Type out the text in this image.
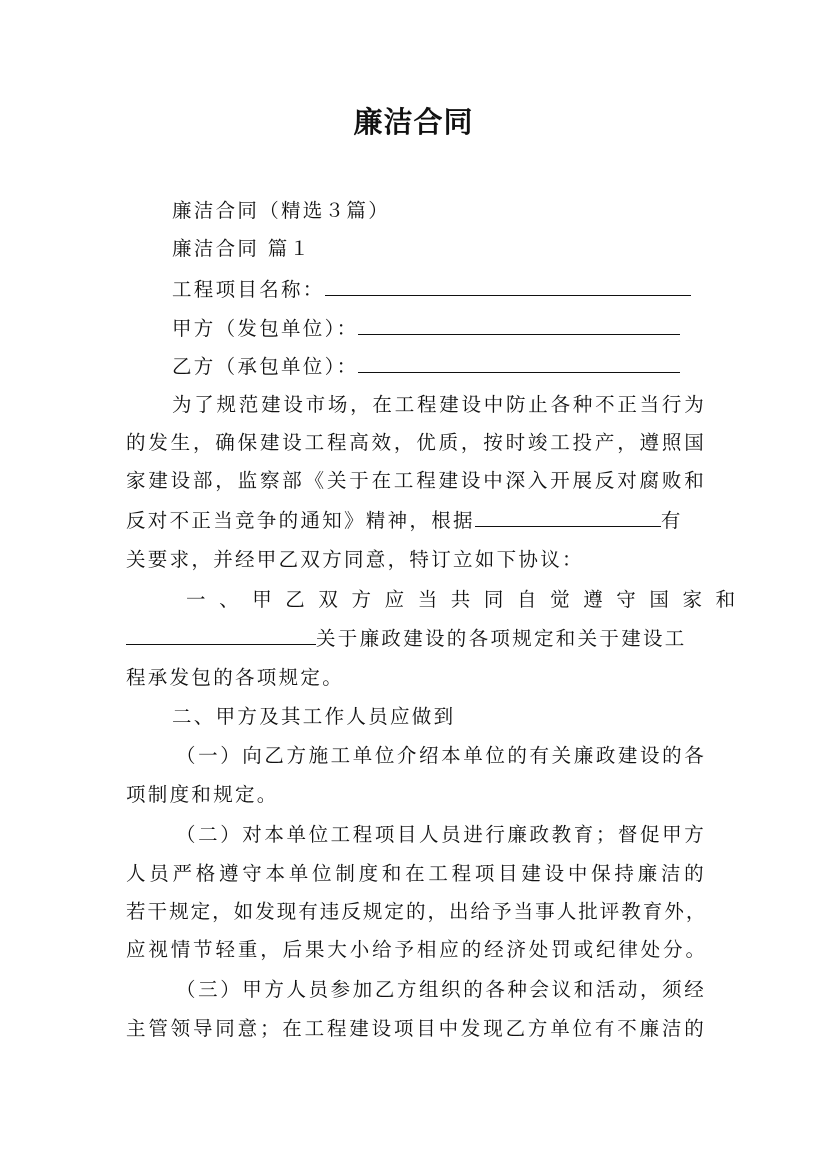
廉洁合同
廉洁合同（精选３篇）
廉洁合同 篇１
工程项目名称：
甲方（发包单位）：
乙方（承包单位）：
为了规范建设市场，在工程建设中防止各种不正当行为
的发生，确保建设工程高效，优质，按时竣工投产，遵照国
家建设部，监察部《关于在工程建设中深入开展反对腐败和
反对不正当竞争的通知》精神，根据	有
关要求，并经甲乙双方同意，特订立如下协议：
一、甲乙双方应当共同自觉遵守国家和
关于廉政建设的各项规定和关于建设工
程承发包的各项规定。
二、甲方及其工作人员应做到
（一）向乙方施工单位介绍本单位的有关廉政建设的各
项制度和规定。
（二）对本单位工程项目人员进行廉政教育；督促甲方
人员严格遵守本单位制度和在工程项目建设中保持廉洁的
若干规定，如发现有违反规定的，出给予当事人批评教育外，
应视情节轻重，后果大小给予相应的经济处罚或纪律处分。
（三）甲方人员参加乙方组织的各种会议和活动，须经
主管领导同意；在工程建设项目中发现乙方单位有不廉洁的
